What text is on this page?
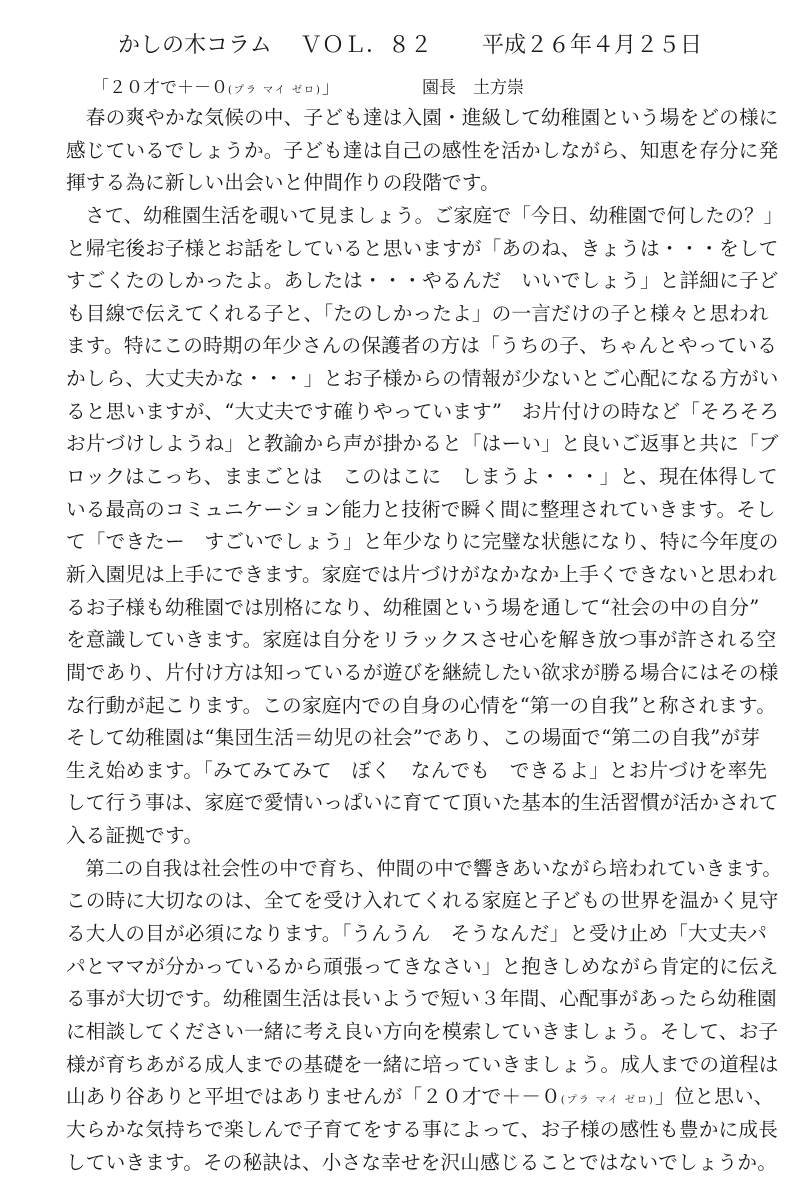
かしの木コラム ＶＯＬ．８２ 平成２６年４月２５日
「２０才で＋－０(プラ マイ ゼロ)」	園長　土方崇
　春の爽やかな気候の中、子ども達は入園・進級して幼稚園という場をどの様に
感じているでしょうか。子ども達は自己の感性を活かしながら、知恵を存分に発
揮する為に新しい出会いと仲間作りの段階です。
　さて、幼稚園生活を覗いて見ましょう。ご家庭で「今日、幼稚園で何したの？」
と帰宅後お子様とお話をしていると思いますが「あのね、きょうは・・・をして
すごくたのしかったよ。あしたは・・・やるんだ　いいでしょう」と詳細に子ど
も目線で伝えてくれる子と、「たのしかったよ」の一言だけの子と様々と思われ
ます。特にこの時期の年少さんの保護者の方は「うちの子、ちゃんとやっている
かしら、大丈夫かな・・・」とお子様からの情報が少ないとご心配になる方がい
ると思いますが、“大丈夫です確りやっています”　お片付けの時など「そろそろ
お片づけしようね」と教諭から声が掛かると「はーい」と良いご返事と共に「ブ
ロックはこっち、ままごとは　このはこに　しまうよ・・・」と、現在体得して
いる最高のコミュニケーション能力と技術で瞬く間に整理されていきます。そし
て「できたー　すごいでしょう」と年少なりに完璧な状態になり、特に今年度の
新入園児は上手にできます。家庭では片づけがなかなか上手くできないと思われ
るお子様も幼稚園では別格になり、幼稚園という場を通して“社会の中の自分”
を意識していきます。家庭は自分をリラックスさせ心を解き放つ事が許される空
間であり、片付け方は知っているが遊びを継続したい欲求が勝る場合にはその様
な行動が起こります。この家庭内での自身の心情を“第一の自我”と称されます。
そして幼稚園は“集団生活＝幼児の社会”であり、この場面で“第二の自我”が芽
生え始めます。「みてみてみて　ぼく　なんでも　できるよ」とお片づけを率先
して行う事は、家庭で愛情いっぱいに育てて頂いた基本的生活習慣が活かされて
入る証拠です。
　第二の自我は社会性の中で育ち、仲間の中で響きあいながら培われていきます。
この時に大切なのは、全てを受け入れてくれる家庭と子どもの世界を温かく見守
る大人の目が必須になります。「うんうん　そうなんだ」と受け止め「大丈夫パ
パとママが分かっているから頑張ってきなさい」と抱きしめながら肯定的に伝え
る事が大切です。幼稚園生活は長いようで短い３年間、心配事があったら幼稚園
に相談してください一緒に考え良い方向を模索していきましょう。そして、お子
様が育ちあがる成人までの基礎を一緒に培っていきましょう。成人までの道程は
山あり谷ありと平坦ではありませんが「２０才で＋－０(プラ マイ ゼロ)」位と思い、
大らかな気持ちで楽しんで子育てをする事によって、お子様の感性も豊かに成長
していきます。その秘訣は、小さな幸せを沢山感じることではないでしょうか。
